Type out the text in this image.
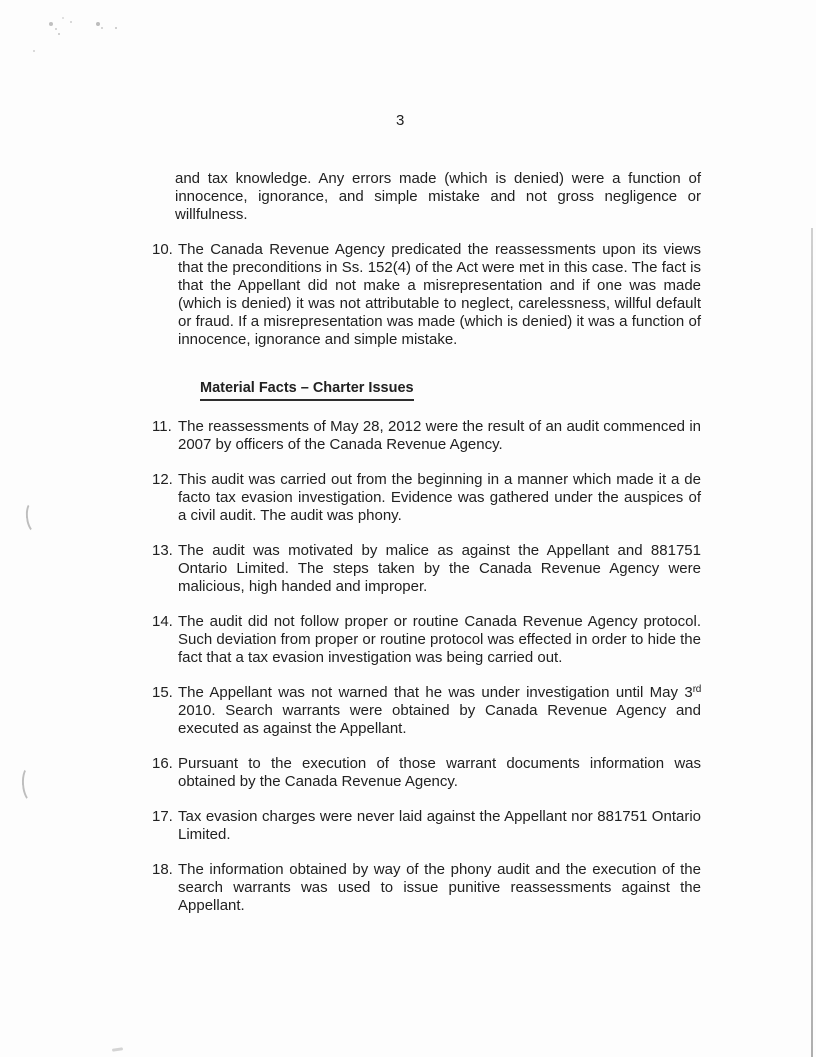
3

and tax knowledge. Any errors made (which is denied) were a function of innocence, ignorance, and simple mistake and not gross negligence or willfulness.

10. The Canada Revenue Agency predicated the reassessments upon its views that the preconditions in Ss. 152(4) of the Act were met in this case. The fact is that the Appellant did not make a misrepresentation and if one was made (which is denied) it was not attributable to neglect, carelessness, willful default or fraud. If a misrepresentation was made (which is denied) it was a function of innocence, ignorance and simple mistake.
Material Facts – Charter Issues
11. The reassessments of May 28, 2012 were the result of an audit commenced in 2007 by officers of the Canada Revenue Agency.
12. This audit was carried out from the beginning in a manner which made it a de facto tax evasion investigation. Evidence was gathered under the auspices of a civil audit. The audit was phony.
13. The audit was motivated by malice as against the Appellant and 881751 Ontario Limited. The steps taken by the Canada Revenue Agency were malicious, high handed and improper.
14. The audit did not follow proper or routine Canada Revenue Agency protocol. Such deviation from proper or routine protocol was effected in order to hide the fact that a tax evasion investigation was being carried out.
15. The Appellant was not warned that he was under investigation until May 3rd 2010. Search warrants were obtained by Canada Revenue Agency and executed as against the Appellant.
16. Pursuant to the execution of those warrant documents information was obtained by the Canada Revenue Agency.
17. Tax evasion charges were never laid against the Appellant nor 881751 Ontario Limited.
18. The information obtained by way of the phony audit and the execution of the search warrants was used to issue punitive reassessments against the Appellant.
